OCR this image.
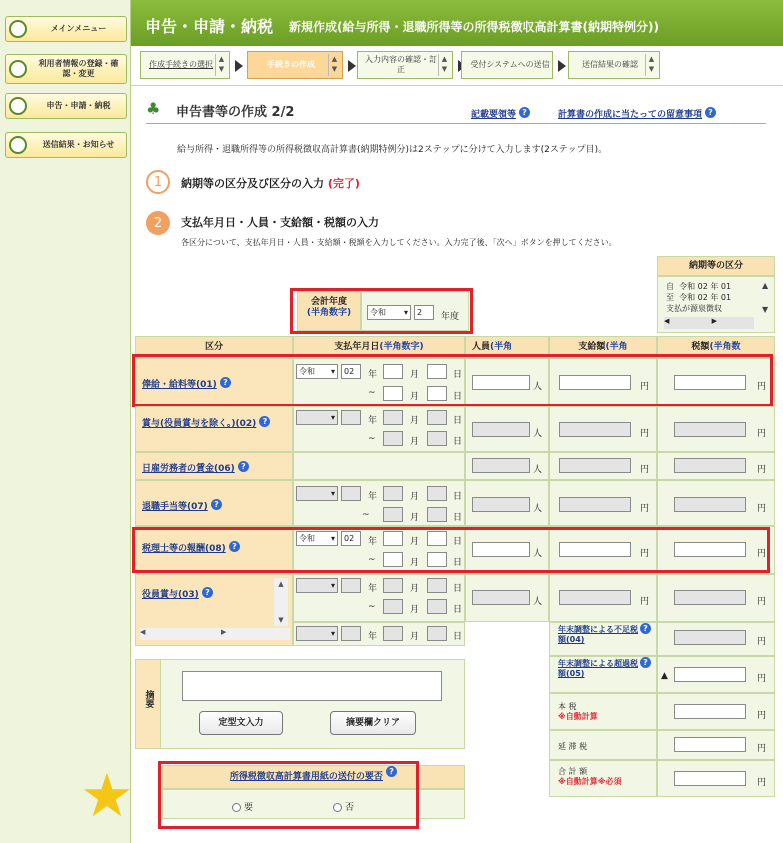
メインメニュー
利用者情報の登録・確認・変更
申告・申請・納税
送信結果・お知らせ
申告・申請・納税 新規作成(給与所得・退職所得等の所得税徴収高計算書(納期特例分))
作成手続きの選択
▲
▼	手続きの作成
▲
▼
入力内容の確認・訂正
▲
▼	受付システムへの送信	送信結果の確認
▲
▼
♣ 申告書等の作成 2/2	記載要領等 ?	計算書の作成に当たっての留意事項 ?
給与所得・退職所得等の所得税徴収高計算書(納期特例分)は2ステップに分けて入力します(2ステップ目)。
1	納期等の区分及び区分の入力 (完了)
2	支払年月日・人員・支給額・税額の入力
各区分について、支払年月日・人員・支給額・税額を入力してください。入力完了後、「次へ」ボタンを押してください。
納期等の区分
自 令和 02 年 01
至 令和 02 年 01
支払が源泉徴収
▲

▼
◀                   ▶
会計年度
(半角数字)	令和 ▾	2	年度
区分	支払年月日(半角数字)	人員(半角	支給額(半角	税額(半角数
俸給・給料等(01) ?
令和 ▾	02	年	月	日
~	月	日
人	円	円
賞与(役員賞与を除く。)(02) ?
▾	年	月	日
~	月	日
人	円	円
日雇労務者の賃金(06) ?	人	円	円
退職手当等(07) ?
▾
年	月	日
~	月	日
人	円	円
税理士等の報酬(08) ?
令和 ▾	02	年	月	日
~	月	日
人	円	円
役員賞与(03) ?
▲

▼
◀                                  ▶
▾
年	月	日
~	月	日
▾
年	月	日
人	円	円
年末調整による不足税額(04)?
円
年末調整による超過税額(05)?
▲	円
本 税
※自動計算	円
延 滞 税	円
合 計 額
※自動計算※必須	円
摘要
定型文入力	摘要欄クリア
所得税徴収高計算書用紙の送付の要否 ?
要	否
★
